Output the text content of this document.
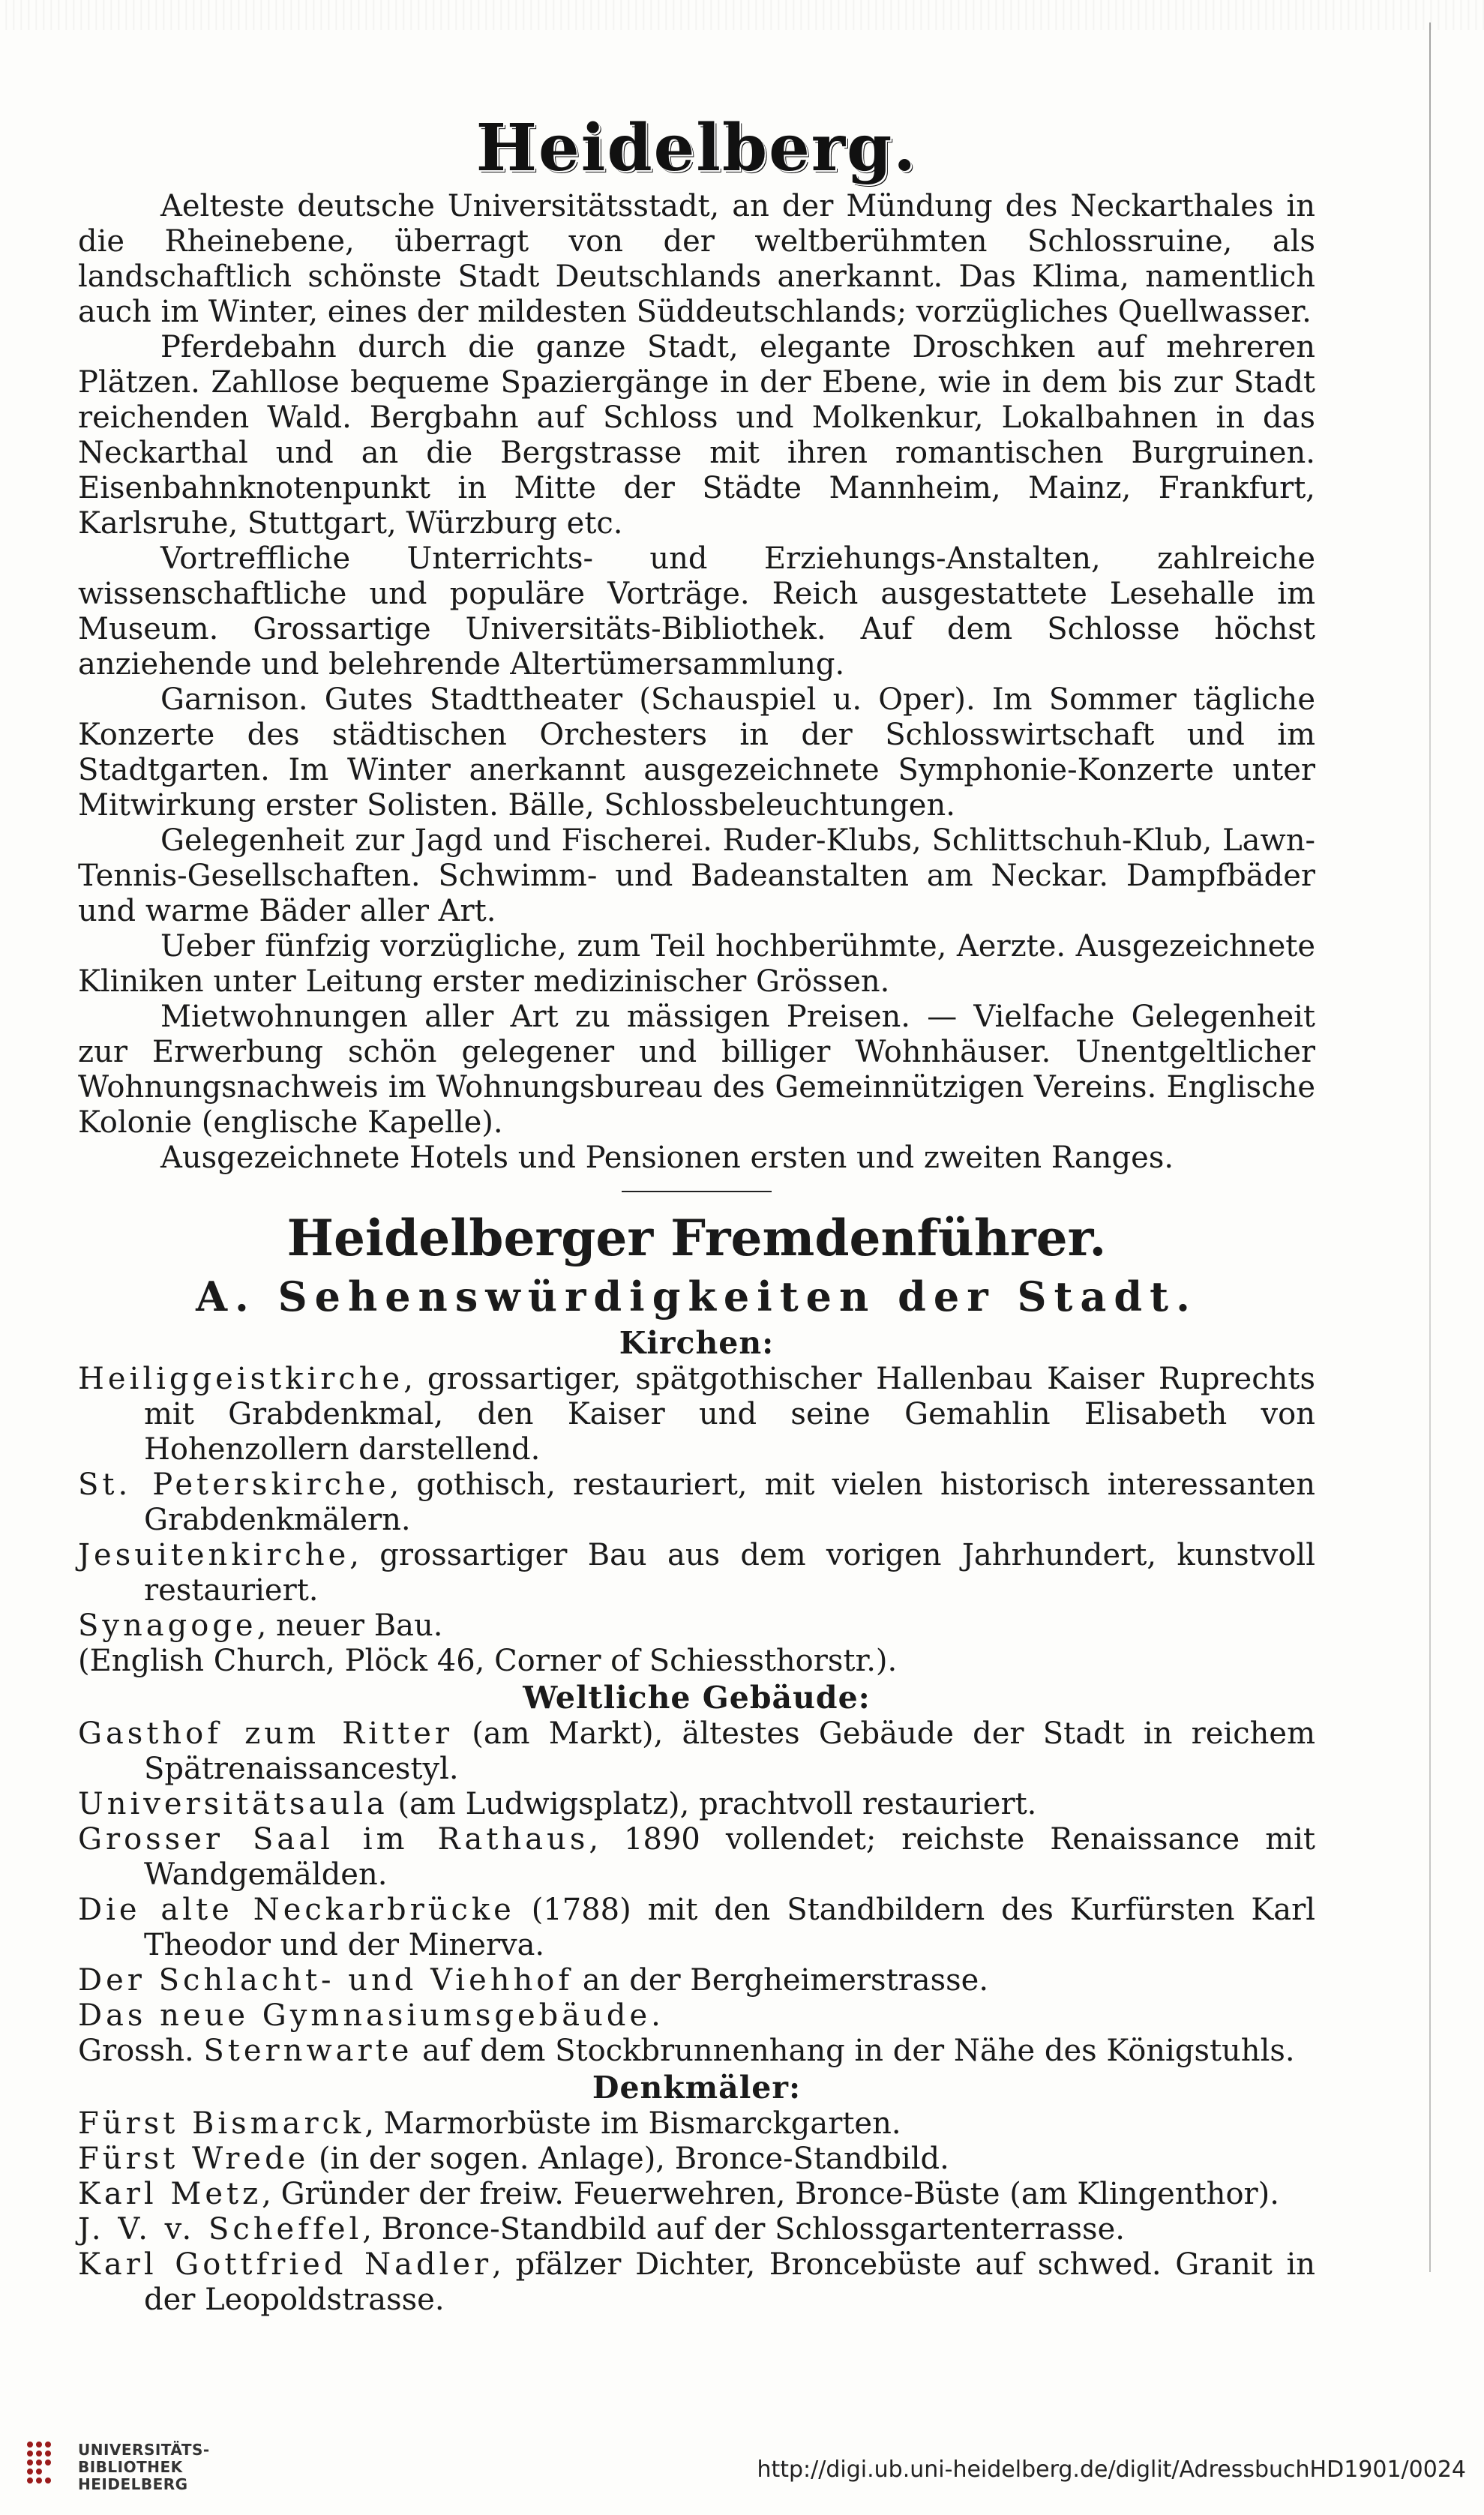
Heidelberg.

Aelteste deutsche Universitätsstadt, an der Mündung des Neckarthales in die Rheinebene, überragt von der weltberühmten Schlossruine, als landschaftlich schönste Stadt Deutschlands anerkannt. Das Klima, namentlich auch im Winter, eines der mildesten Süddeutschlands; vorzügliches Quellwasser.

Pferdebahn durch die ganze Stadt, elegante Droschken auf mehreren Plätzen. Zahllose bequeme Spaziergänge in der Ebene, wie in dem bis zur Stadt reichenden Wald. Bergbahn auf Schloss und Molkenkur, Lokalbahnen in das Neckarthal und an die Bergstrasse mit ihren romantischen Burgruinen. Eisenbahnknotenpunkt in Mitte der Städte Mannheim, Mainz, Frankfurt, Karlsruhe, Stuttgart, Würzburg etc.

Vortreffliche Unterrichts- und Erziehungs-Anstalten, zahlreiche wissenschaftliche und populäre Vorträge. Reich ausgestattete Lesehalle im Museum. Grossartige Universitäts-Bibliothek. Auf dem Schlosse höchst anziehende und belehrende Altertümersammlung.

Garnison. Gutes Stadttheater (Schauspiel u. Oper). Im Sommer tägliche Konzerte des städtischen Orchesters in der Schlosswirtschaft und im Stadtgarten. Im Winter anerkannt ausgezeichnete Symphonie-Konzerte unter Mitwirkung erster Solisten. Bälle, Schlossbeleuchtungen.

Gelegenheit zur Jagd und Fischerei. Ruder-Klubs, Schlittschuh-Klub, Lawn-Tennis-Gesellschaften. Schwimm- und Badeanstalten am Neckar. Dampfbäder und warme Bäder aller Art.

Ueber fünfzig vorzügliche, zum Teil hochberühmte, Aerzte. Ausgezeichnete Kliniken unter Leitung erster medizinischer Grössen.

Mietwohnungen aller Art zu mässigen Preisen. — Vielfache Gelegenheit zur Erwerbung schön gelegener und billiger Wohnhäuser. Unentgeltlicher Wohnungsnachweis im Wohnungsbureau des Gemeinnützigen Vereins. Englische Kolonie (englische Kapelle).

Ausgezeichnete Hotels und Pensionen ersten und zweiten Ranges.

Heidelberger Fremdenführer.
A. Sehenswürdigkeiten der Stadt.
Kirchen:

Heiliggeistkirche, grossartiger, spätgothischer Hallenbau Kaiser Ruprechts mit Grabdenkmal, den Kaiser und seine Gemahlin Elisabeth von Hohenzollern darstellend.

St. Peterskirche, gothisch, restauriert, mit vielen historisch interessanten Grabdenkmälern.

Jesuitenkirche, grossartiger Bau aus dem vorigen Jahrhundert, kunstvoll restauriert.

Synagoge, neuer Bau.

(English Church, Plöck 46, Corner of Schiessthorstr.).

Weltliche Gebäude:

Gasthof zum Ritter (am Markt), ältestes Gebäude der Stadt in reichem Spätrenaissancestyl.

Universitätsaula (am Ludwigsplatz), prachtvoll restauriert.

Grosser Saal im Rathaus, 1890 vollendet; reichste Renaissance mit Wandgemälden.

Die alte Neckarbrücke (1788) mit den Standbildern des Kurfürsten Karl Theodor und der Minerva.

Der Schlacht- und Viehhof an der Bergheimerstrasse.

Das neue Gymnasiumsgebäude.

Grossh. Sternwarte auf dem Stockbrunnenhang in der Nähe des Königstuhls.

Denkmäler:

Fürst Bismarck, Marmorbüste im Bismarckgarten.

Fürst Wrede (in der sogen. Anlage), Bronce-Standbild.

Karl Metz, Gründer der freiw. Feuerwehren, Bronce-Büste (am Klingenthor).

J. V. v. Scheffel, Bronce-Standbild auf der Schlossgartenterrasse.

Karl Gottfried Nadler, pfälzer Dichter, Broncebüste auf schwed. Granit in der Leopoldstrasse.

UNIVERSITÄTS-
BIBLIOTHEK
HEIDELBERG
http://digi.ub.uni-heidelberg.de/diglit/AdressbuchHD1901/0024
